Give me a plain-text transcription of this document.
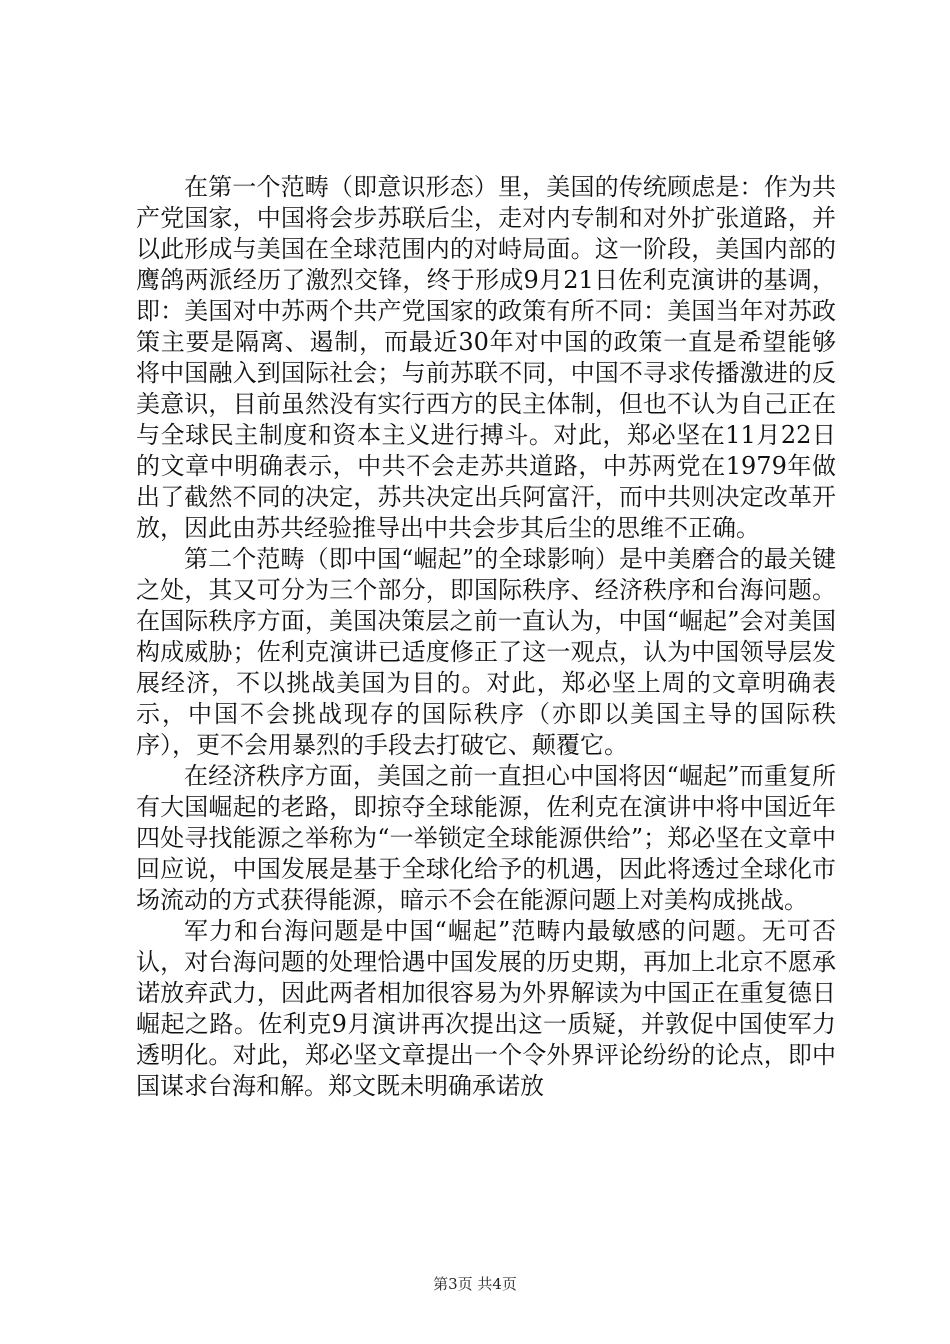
在第一个范畴（即意识形态）里，美国的传统顾虑是：作为共产党国家，中国将会步苏联后尘，走对内专制和对外扩张道路，并以此形成与美国在全球范围内的对峙局面。这一阶段，美国内部的鹰鸽两派经历了激烈交锋，终于形成9月21日佐利克演讲的基调，即：美国对中苏两个共产党国家的政策有所不同：美国当年对苏政策主要是隔离、遏制，而最近30年对中国的政策一直是希望能够将中国融入到国际社会；与前苏联不同，中国不寻求传播激进的反美意识，目前虽然没有实行西方的民主体制，但也不认为自己正在与全球民主制度和资本主义进行搏斗。对此，郑必坚在11月22日的文章中明确表示，中共不会走苏共道路，中苏两党在1979年做出了截然不同的决定，苏共决定出兵阿富汗，而中共则决定改革开放，因此由苏共经验推导出中共会步其后尘的思维不正确。

第二个范畴（即中国“崛起”的全球影响）是中美磨合的最关键之处，其又可分为三个部分，即国际秩序、经济秩序和台海问题。在国际秩序方面，美国决策层之前一直认为，中国“崛起”会对美国构成威胁；佐利克演讲已适度修正了这一观点，认为中国领导层发展经济，不以挑战美国为目的。对此，郑必坚上周的文章明确表示，中国不会挑战现存的国际秩序（亦即以美国主导的国际秩序），更不会用暴烈的手段去打破它、颠覆它。

在经济秩序方面，美国之前一直担心中国将因“崛起”而重复所有大国崛起的老路，即掠夺全球能源，佐利克在演讲中将中国近年四处寻找能源之举称为“一举锁定全球能源供给”；郑必坚在文章中回应说，中国发展是基于全球化给予的机遇，因此将透过全球化市场流动的方式获得能源，暗示不会在能源问题上对美构成挑战。

军力和台海问题是中国“崛起”范畴内最敏感的问题。无可否认，对台海问题的处理恰遇中国发展的历史期，再加上北京不愿承诺放弃武力，因此两者相加很容易为外界解读为中国正在重复德日崛起之路。佐利克9月演讲再次提出这一质疑，并敦促中国使军力透明化。对此，郑必坚文章提出一个令外界评论纷纷的论点，即中国谋求台海和解。郑文既未明确承诺放

第3页 共4页
